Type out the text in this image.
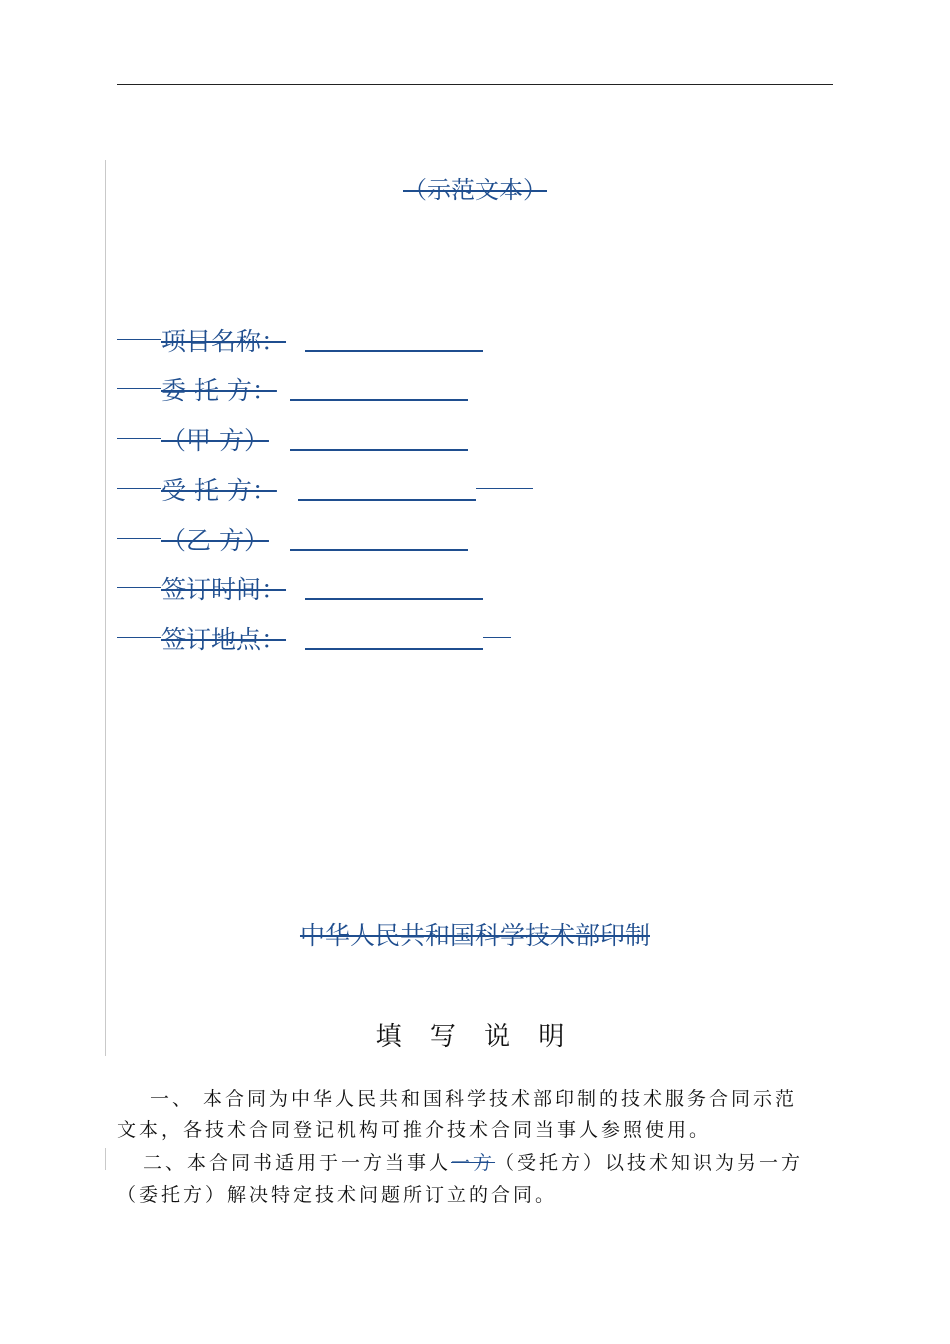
（示范文本）
项目名称：
委 托 方：
（甲 方）
受 托 方：
（乙 方）
签订时间：
签订地点：
中华人民共和国科学技术部印制
填 写 说 明
一、 本合同为中华人民共和国科学技术部印制的技术服务合同示范
文本，各技术合同登记机构可推介技术合同当事人参照使用。
二、本合同书适用于一方当事人一方（受托方）以技术知识为另一方
（委托方）解决特定技术问题所订立的合同。
